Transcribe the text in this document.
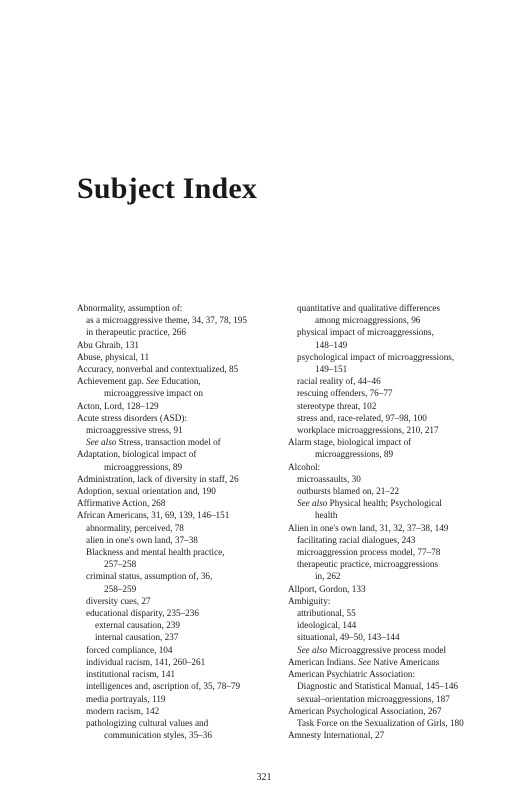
Subject Index
Abnormality, assumption of:
as a microaggressive theme, 34, 37, 78, 195
in therapeutic practice, 266
Abu Ghraib, 131
Abuse, physical, 11
Accuracy, nonverbal and contextualized, 85
Achievement gap. See Education,
microaggressive impact on
Acton, Lord, 128–129
Acute stress disorders (ASD):
microaggressive stress, 91
See also Stress, transaction model of
Adaptation, biological impact of
microaggressions, 89
Administration, lack of diversity in staff, 26
Adoption, sexual orientation and, 190
Affirmative Action, 268
African Americans, 31, 69, 139, 146–151
abnormality, perceived, 78
alien in one's own land, 37–38
Blackness and mental health practice,
257–258
criminal status, assumption of, 36,
258–259
diversity cues, 27
educational disparity, 235–236
external causation, 239
internal causation, 237
forced compliance, 104
individual racism, 141, 260–261
institutional racism, 141
intelligences and, ascription of, 35, 78–79
media portrayals, 119
modern racism, 142
pathologizing cultural values and
communication styles, 35–36
quantitative and qualitative differences
among microaggressions, 96
physical impact of microaggressions,
148–149
psychological impact of microaggressions,
149–151
racial reality of, 44–46
rescuing offenders, 76–77
stereotype threat, 102
stress and, race-related, 97–98, 100
workplace microaggressions, 210, 217
Alarm stage, biological impact of
microaggressions, 89
Alcohol:
microassaults, 30
outbursts blamed on, 21–22
See also Physical health; Psychological
health
Alien in one's own land, 31, 32, 37–38, 149
facilitating racial dialogues, 243
microaggression process model, 77–78
therapeutic practice, microaggressions
in, 262
Allport, Gordon, 133
Ambiguity:
attributional, 55
ideological, 144
situational, 49–50, 143–144
See also Microaggressive process model
American Indians. See Native Americans
American Psychiatric Association:
Diagnostic and Statistical Manual, 145–146
sexual–orientation microaggressions, 187
American Psychological Association, 267
Task Force on the Sexualization of Girls, 180
Amnesty International, 27
321
